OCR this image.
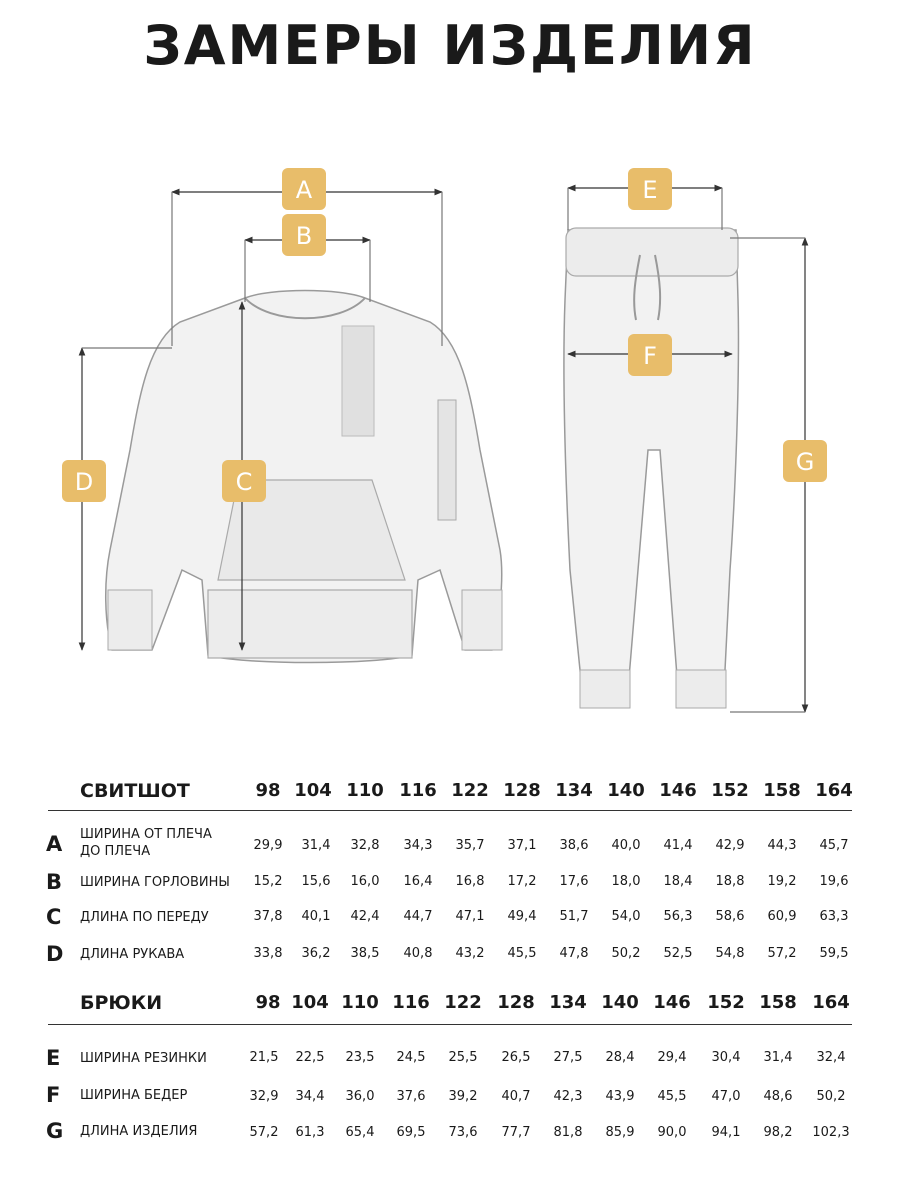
ЗАМЕРЫ ИЗДЕЛИЯ
A
B
C
D
E
F
G
СВИТШОТ	98 104 110 116 122 128 134 140 146 152 158 164
A ШИРИНА ОТ ПЛЕЧА
ДО ПЛЕЧА	29,9	31,4	32,8	34,3	35,7	37,1	38,6	40,0	41,4	42,9	44,3	45,7
B ШИРИНА ГОРЛОВИНЫ	15,2	15,6	16,0	16,4	16,8	17,2	17,6	18,0	18,4	18,8	19,2	19,6
C ДЛИНА ПО ПЕРЕДУ	37,8	40,1	42,4	44,7	47,1	49,4	51,7	54,0	56,3	58,6	60,9	63,3
D ДЛИНА РУКАВА	33,8	36,2	38,5	40,8	43,2	45,5	47,8	50,2	52,5	54,8	57,2	59,5
БРЮКИ	98 104 110 116 122 128 134 140 146 152 158 164
E ШИРИНА РЕЗИНКИ	21,5	22,5	23,5	24,5	25,5	26,5	27,5	28,4	29,4	30,4	31,4	32,4
F ШИРИНА БЕДЕР	32,9	34,4	36,0	37,6	39,2	40,7	42,3	43,9	45,5	47,0	48,6	50,2
G ДЛИНА ИЗДЕЛИЯ	57,2	61,3	65,4	69,5	73,6	77,7	81,8	85,9	90,0	94,1	98,2	102,3
